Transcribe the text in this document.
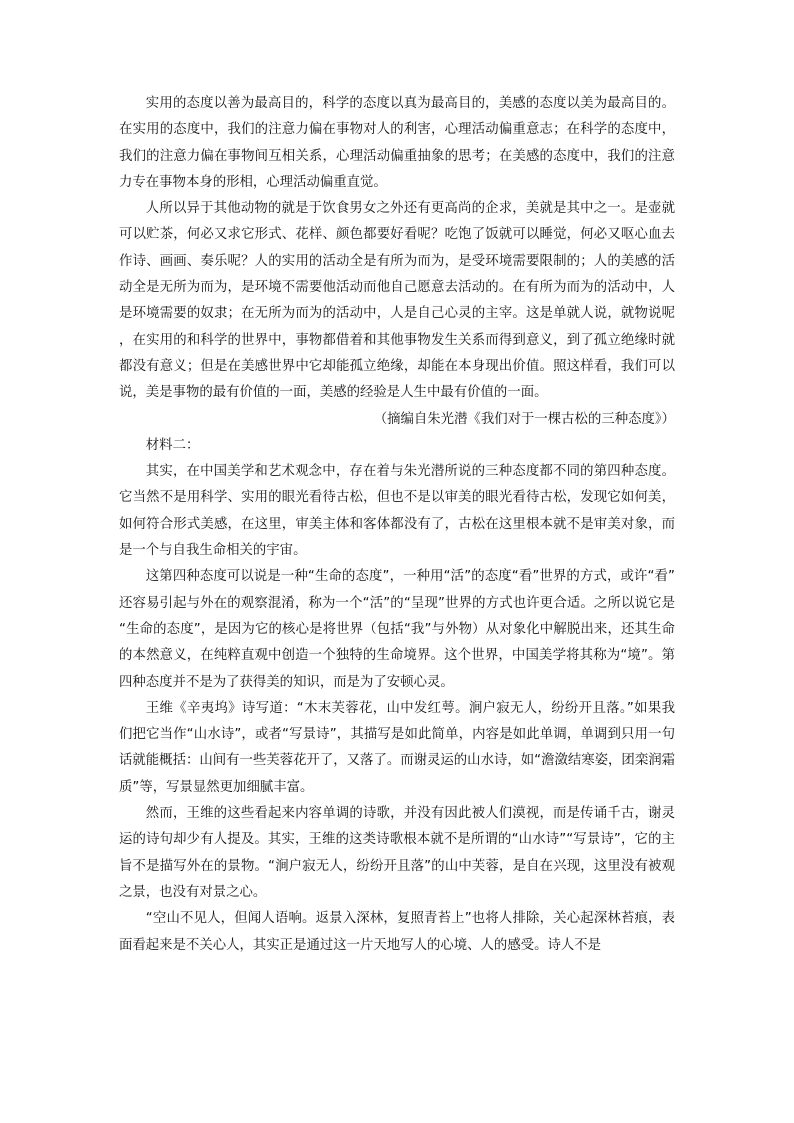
实用的态度以善为最高目的，科学的态度以真为最高目的，美感的态度以美为最高目的。在实用的态度中，我们的注意力偏在事物对人的利害，心理活动偏重意志；在科学的态度中，我们的注意力偏在事物间互相关系，心理活动偏重抽象的思考；在美感的态度中，我们的注意力专在事物本身的形相，心理活动偏重直觉。

人所以异于其他动物的就是于饮食男女之外还有更高尚的企求，美就是其中之一。是壶就可以贮茶，何必又求它形式、花样、颜色都要好看呢？吃饱了饭就可以睡觉，何必又呕心血去作诗、画画、奏乐呢？人的实用的活动全是有所为而为，是受环境需要限制的；人的美感的活动全是无所为而为，是环境不需要他活动而他自己愿意去活动的。在有所为而为的活动中，人是环境需要的奴隶；在无所为而为的活动中，人是自己心灵的主宰。这是单就人说，就物说呢，在实用的和科学的世界中，事物都借着和其他事物发生关系而得到意义，到了孤立绝缘时就都没有意义；但是在美感世界中它却能孤立绝缘，却能在本身现出价值。照这样看，我们可以说，美是事物的最有价值的一面，美感的经验是人生中最有价值的一面。

（摘编自朱光潜《我们对于一棵古松的三种态度》）

材料二：

其实，在中国美学和艺术观念中，存在着与朱光潜所说的三种态度都不同的第四种态度。它当然不是用科学、实用的眼光看待古松，但也不是以审美的眼光看待古松，发现它如何美，如何符合形式美感，在这里，审美主体和客体都没有了，古松在这里根本就不是审美对象，而是一个与自我生命相关的宇宙。

这第四种态度可以说是一种“生命的态度”，一种用“活”的态度“看”世界的方式，或许“看”还容易引起与外在的观察混淆，称为一个“活”的“呈现”世界的方式也许更合适。之所以说它是“生命的态度”，是因为它的核心是将世界（包括“我”与外物）从对象化中解脱出来，还其生命的本然意义，在纯粹直观中创造一个独特的生命境界。这个世界，中国美学将其称为“境”。第四种态度并不是为了获得美的知识，而是为了安顿心灵。

王维《辛夷坞》诗写道：“木末芙蓉花，山中发红萼。涧户寂无人，纷纷开且落。”如果我们把它当作“山水诗”，或者“写景诗”，其描写是如此简单，内容是如此单调，单调到只用一句话就能概括：山间有一些芙蓉花开了，又落了。而谢灵运的山水诗，如“澹潋结寒姿，团栾润霜质”等，写景显然更加细腻丰富。

然而，王维的这些看起来内容单调的诗歌，并没有因此被人们漠视，而是传诵千古，谢灵运的诗句却少有人提及。其实，王维的这类诗歌根本就不是所谓的“山水诗”“写景诗”，它的主旨不是描写外在的景物。“涧户寂无人，纷纷开且落”的山中芙蓉，是自在兴现，这里没有被观之景，也没有对景之心。

“空山不见人，但闻人语响。返景入深林，复照青苔上”也将人排除，关心起深林苔痕，表面看起来是不关心人，其实正是通过这一片天地写人的心境、人的感受。诗人不是
